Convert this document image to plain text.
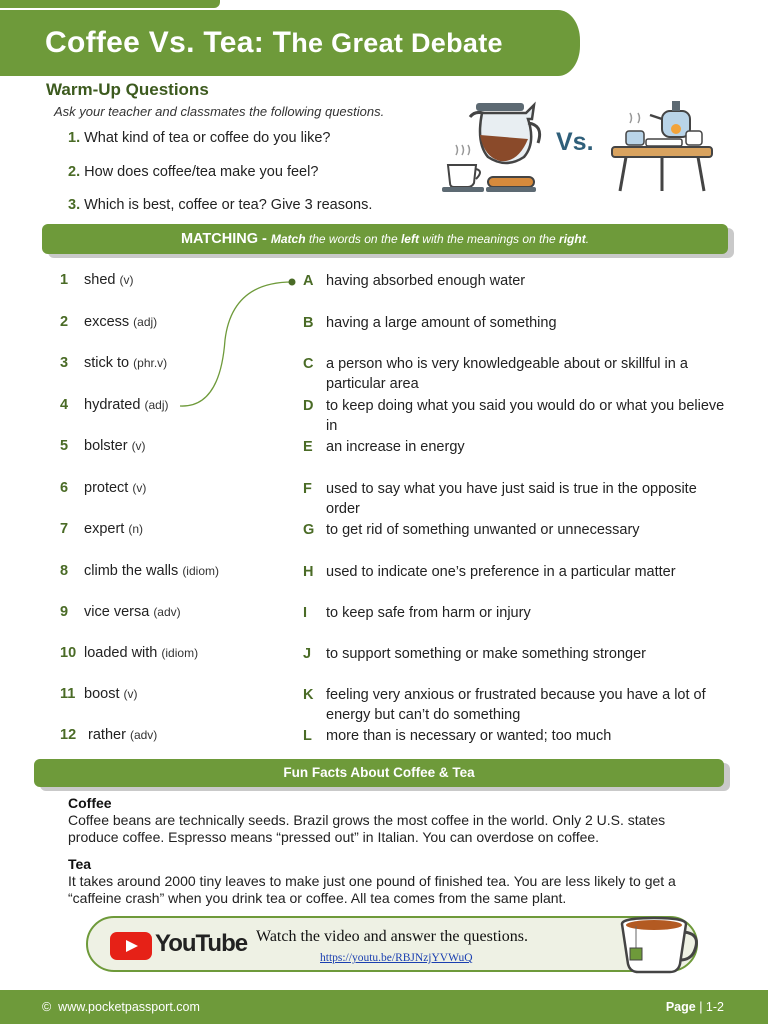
Coffee Vs. Tea: The Great Debate
Warm-Up Questions
Ask your teacher and classmates the following questions.
1. What kind of tea or coffee do you like?
2. How does coffee/tea make you feel?
3. Which is best, coffee or tea? Give 3 reasons.
Vs.
MATCHING - Match the words on the left with the meanings on the right.
1 shed (v)
2 excess (adj)
3 stick to (phr.v)
4 hydrated (adj)
5 bolster (v)
6 protect (v)
7 expert (n)
8 climb the walls (idiom)
9 vice versa (adv)
10 loaded with (idiom)
11 boost (v)
12 rather (adv)
A having absorbed enough water
B having a large amount of something
C a person who is very knowledgeable about or skillful in a particular area
D to keep doing what you said you would do or what you believe in
E an increase in energy
F used to say what you have just said is true in the opposite order
G to get rid of something unwanted or unnecessary
H used to indicate one’s preference in a particular matter
I to keep safe from harm or injury
J to support something or make something stronger
K feeling very anxious or frustrated because you have a lot of energy but can’t do something
L more than is necessary or wanted; too much
Fun Facts About Coffee & Tea
Coffee

Coffee beans are technically seeds. Brazil grows the most coffee in the world. Only 2 U.S. states produce coffee. Espresso means “pressed out” in Italian. You can overdose on coffee.

Tea

It takes around 2000 tiny leaves to make just one pound of finished tea. You are less likely to get a “caffeine crash” when you drink tea or coffee. All tea comes from the same plant.

YouTube Watch the video and answer the questions.
https://youtu.be/RBJNzjYVWuQ
© www.pocketpassport.com	Page | 1-2
